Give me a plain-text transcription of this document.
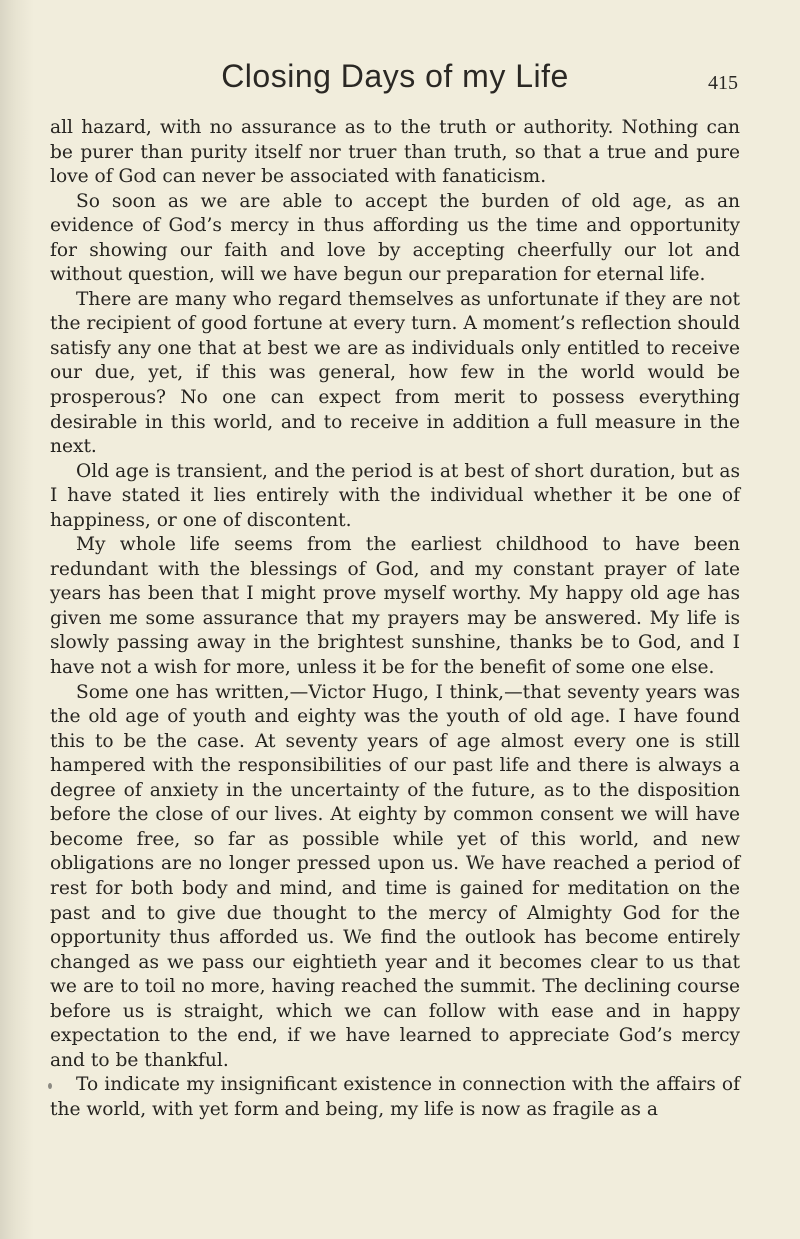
Closing Days of my Life	415

all hazard, with no assurance as to the truth or authority. Nothing can be purer than purity itself nor truer than truth, so that a true and pure love of God can never be associated with fanaticism.

So soon as we are able to accept the burden of old age, as an evidence of God’s mercy in thus affording us the time and opportunity for showing our faith and love by accepting cheerfully our lot and without question, will we have begun our preparation for eternal life.

There are many who regard themselves as unfortunate if they are not the recipient of good fortune at every turn. A moment’s reflection should satisfy any one that at best we are as individuals only entitled to receive our due, yet, if this was general, how few in the world would be prosperous? No one can expect from merit to possess everything desirable in this world, and to receive in addition a full measure in the next.

Old age is transient, and the period is at best of short duration, but as I have stated it lies entirely with the individual whether it be one of happiness, or one of discontent.

My whole life seems from the earliest childhood to have been redundant with the blessings of God, and my constant prayer of late years has been that I might prove myself worthy. My happy old age has given me some assurance that my prayers may be answered. My life is slowly passing away in the brightest sunshine, thanks be to God, and I have not a wish for more, unless it be for the benefit of some one else.

Some one has written,—Victor Hugo, I think,—that seventy years was the old age of youth and eighty was the youth of old age. I have found this to be the case. At seventy years of age almost every one is still hampered with the responsibilities of our past life and there is always a degree of anxiety in the uncertainty of the future, as to the disposition before the close of our lives. At eighty by common consent we will have become free, so far as possible while yet of this world, and new obligations are no longer pressed upon us. We have reached a period of rest for both body and mind, and time is gained for meditation on the past and to give due thought to the mercy of Almighty God for the opportunity thus afforded us. We find the outlook has become entirely changed as we pass our eightieth year and it becomes clear to us that we are to toil no more, having reached the summit. The declining course before us is straight, which we can follow with ease and in happy expectation to the end, if we have learned to appreciate God’s mercy and to be thankful.

To indicate my insignificant existence in connection with the affairs of the world, with yet form and being, my life is now as fragile as a
